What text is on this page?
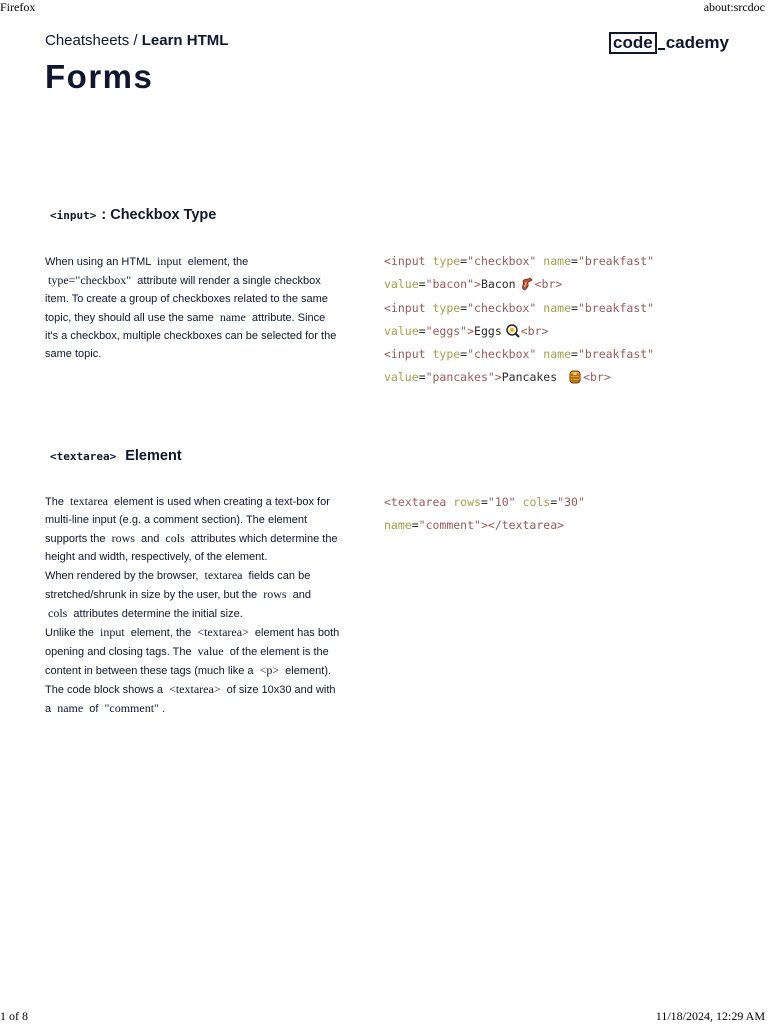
Firefox	about:srcdoc
1 of 8	11/18/2024, 12:29 AM
Cheatsheets / Learn HTML	code cademy
Forms
<input> : Checkbox Type

When using an HTML input element, the
type="checkbox" attribute will render a single checkbox item. To create a group of checkboxes related to the same topic, they should all use the same name attribute. Since it's a checkbox, multiple checkboxes can be selected for the same topic.

<input type="checkbox" name="breakfast"
value="bacon">Bacon <br>
<input type="checkbox" name="breakfast"
value="eggs">Eggs <br>
<input type="checkbox" name="breakfast"
value="pancakes">Pancakes <br>
<textarea> Element

The textarea element is used when creating a text-box for multi-line input (e.g. a comment section). The element supports the rows and cols attributes which determine the height and width, respectively, of the element.

When rendered by the browser, textarea fields can be stretched/shrunk in size by the user, but the rows and
cols attributes determine the initial size.

Unlike the input element, the <textarea> element has both opening and closing tags. The value of the element is the content in between these tags (much like a <p> element). The code block shows a <textarea> of size 10x30 and with a name of "comment" .

<textarea rows="10" cols="30"
name="comment"></textarea>
